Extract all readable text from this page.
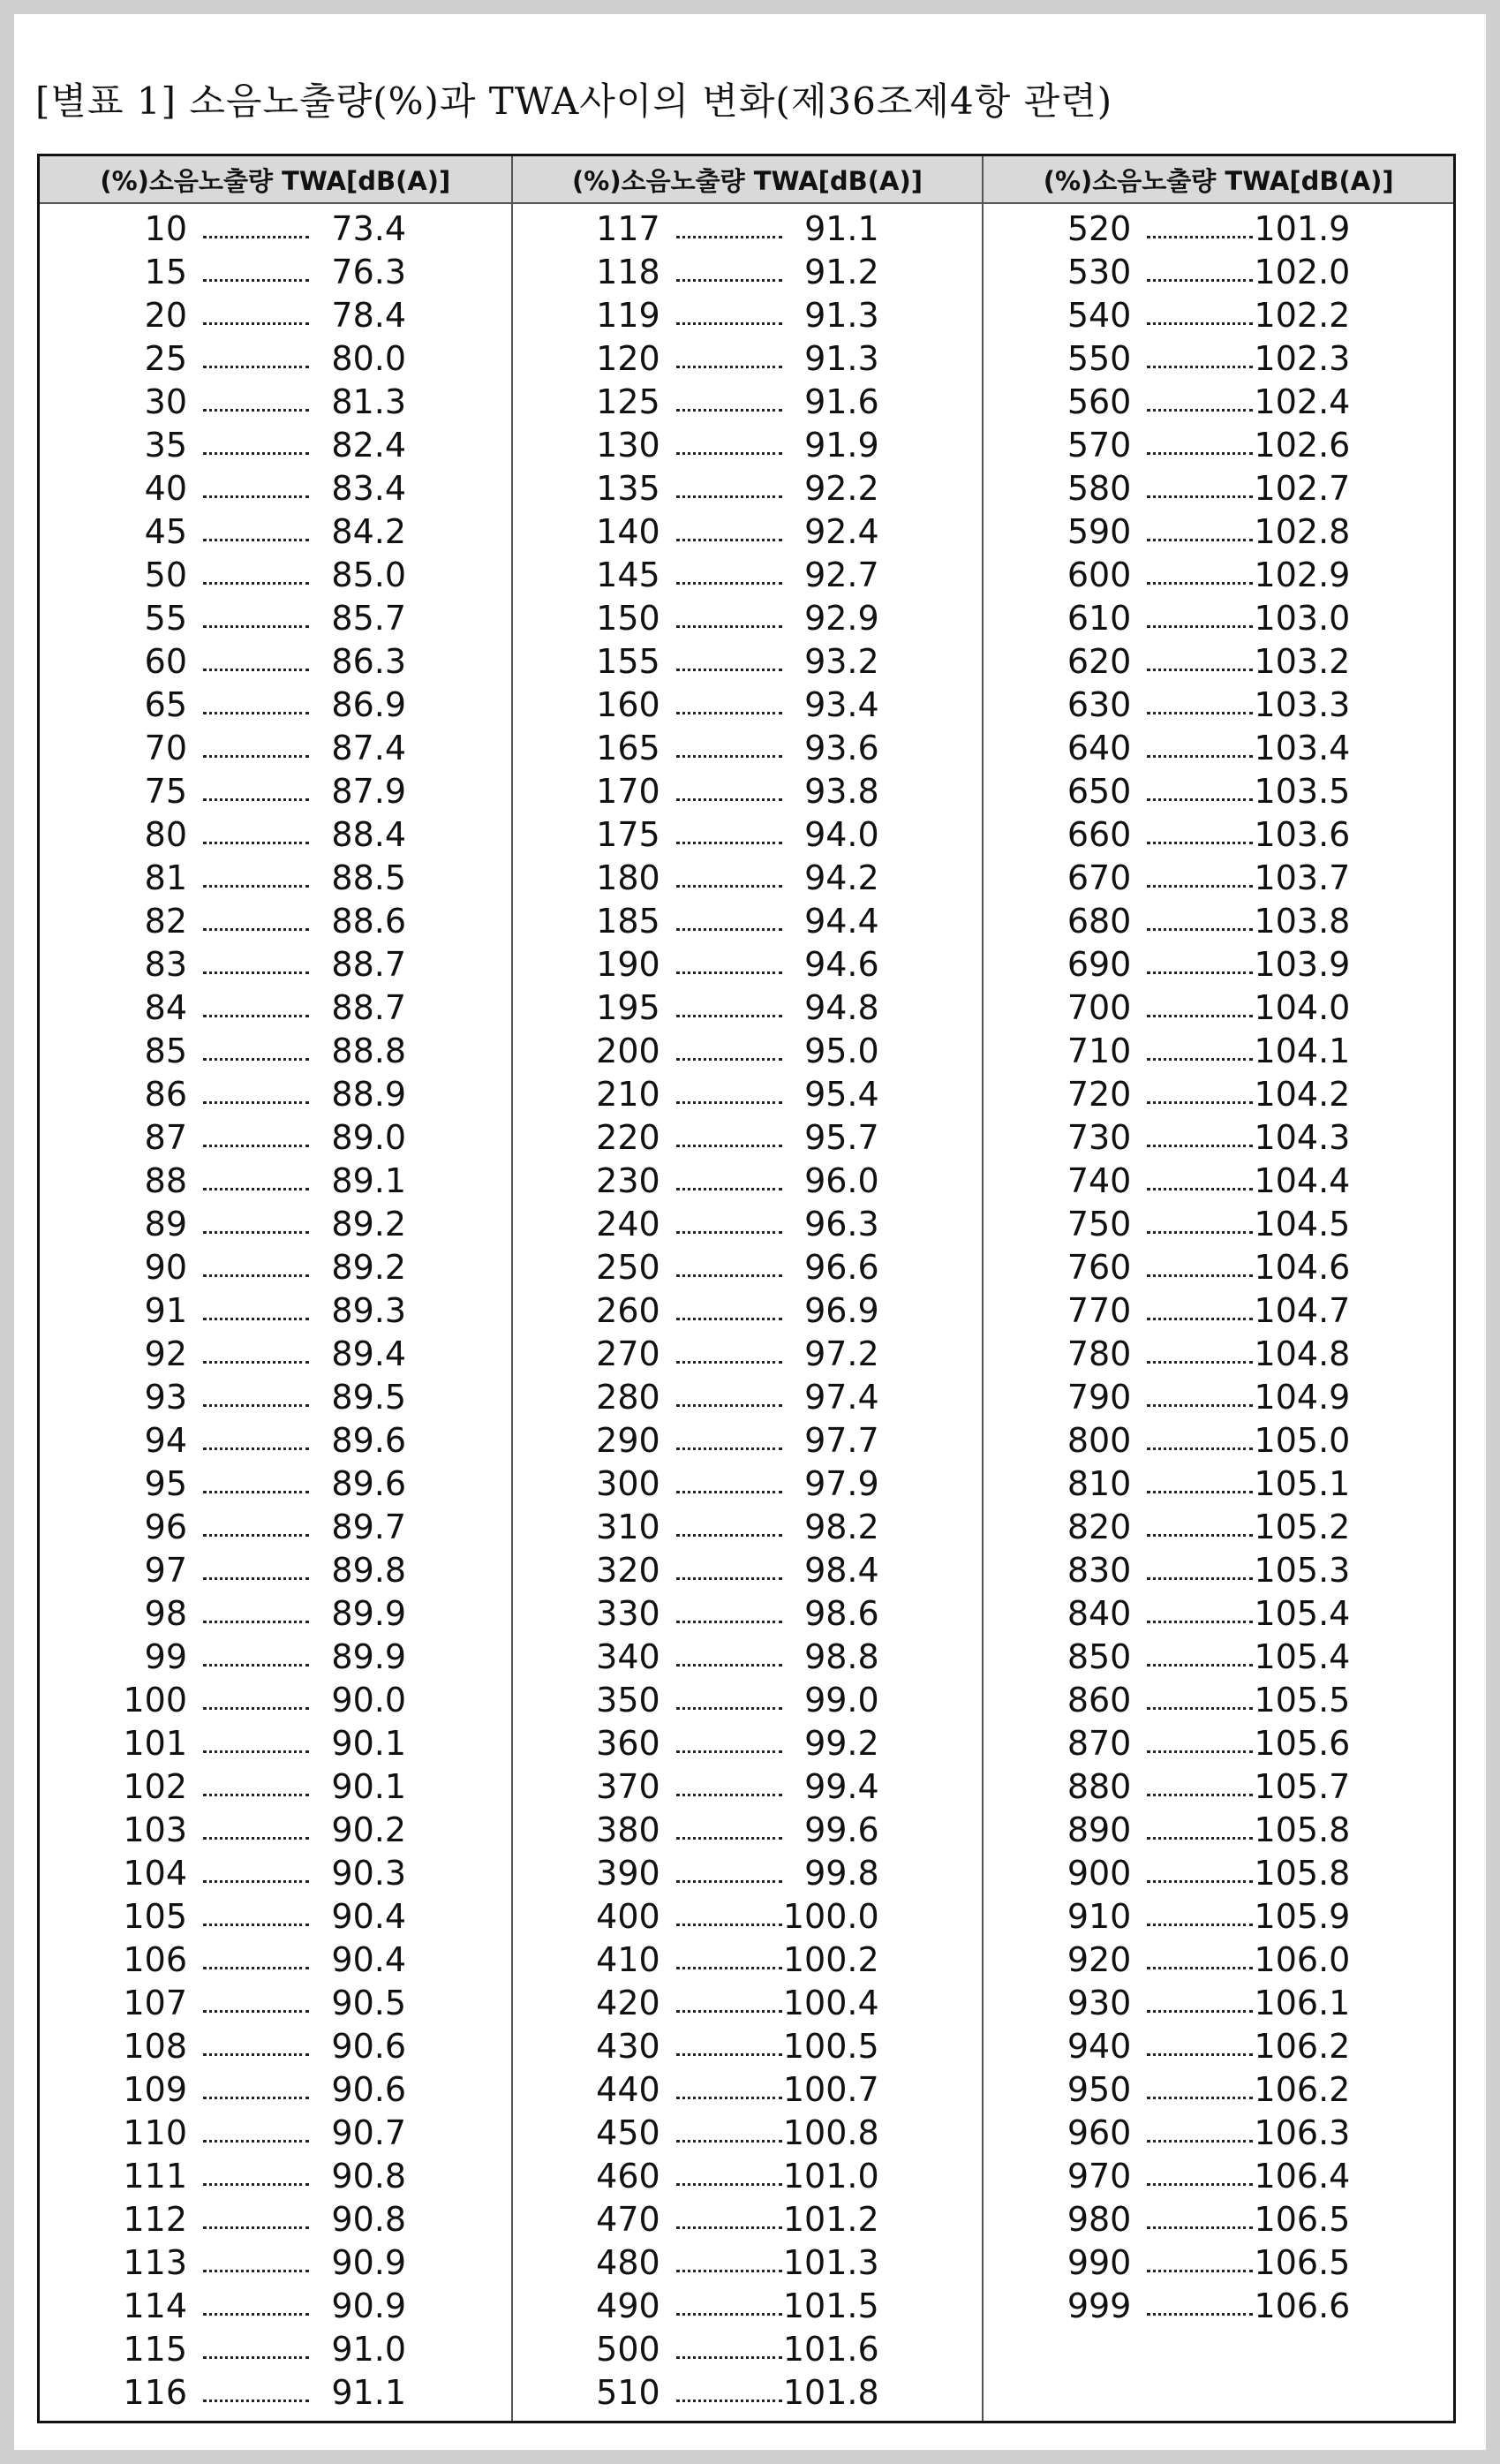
[별표 1] 소음노출량(%)과 TWA사이의 변화(제36조제4항 관련)
(%)소음노출량 TWA[dB(A)]
10	73.4
15	76.3
20	78.4
25	80.0
30	81.3
35	82.4
40	83.4
45	84.2
50	85.0
55	85.7
60	86.3
65	86.9
70	87.4
75	87.9
80	88.4
81	88.5
82	88.6
83	88.7
84	88.7
85	88.8
86	88.9
87	89.0
88	89.1
89	89.2
90	89.2
91	89.3
92	89.4
93	89.5
94	89.6
95	89.6
96	89.7
97	89.8
98	89.9
99	89.9
100	90.0
101	90.1
102	90.1
103	90.2
104	90.3
105	90.4
106	90.4
107	90.5
108	90.6
109	90.6
110	90.7
111	90.8
112	90.8
113	90.9
114	90.9
115	91.0
116	91.1
(%)소음노출량 TWA[dB(A)]
117	91.1
118	91.2
119	91.3
120	91.3
125	91.6
130	91.9
135	92.2
140	92.4
145	92.7
150	92.9
155	93.2
160	93.4
165	93.6
170	93.8
175	94.0
180	94.2
185	94.4
190	94.6
195	94.8
200	95.0
210	95.4
220	95.7
230	96.0
240	96.3
250	96.6
260	96.9
270	97.2
280	97.4
290	97.7
300	97.9
310	98.2
320	98.4
330	98.6
340	98.8
350	99.0
360	99.2
370	99.4
380	99.6
390	99.8
400	100.0
410	100.2
420	100.4
430	100.5
440	100.7
450	100.8
460	101.0
470	101.2
480	101.3
490	101.5
500	101.6
510	101.8
(%)소음노출량 TWA[dB(A)]
520	101.9
530	102.0
540	102.2
550	102.3
560	102.4
570	102.6
580	102.7
590	102.8
600	102.9
610	103.0
620	103.2
630	103.3
640	103.4
650	103.5
660	103.6
670	103.7
680	103.8
690	103.9
700	104.0
710	104.1
720	104.2
730	104.3
740	104.4
750	104.5
760	104.6
770	104.7
780	104.8
790	104.9
800	105.0
810	105.1
820	105.2
830	105.3
840	105.4
850	105.4
860	105.5
870	105.6
880	105.7
890	105.8
900	105.8
910	105.9
920	106.0
930	106.1
940	106.2
950	106.2
960	106.3
970	106.4
980	106.5
990	106.5
999	106.6
